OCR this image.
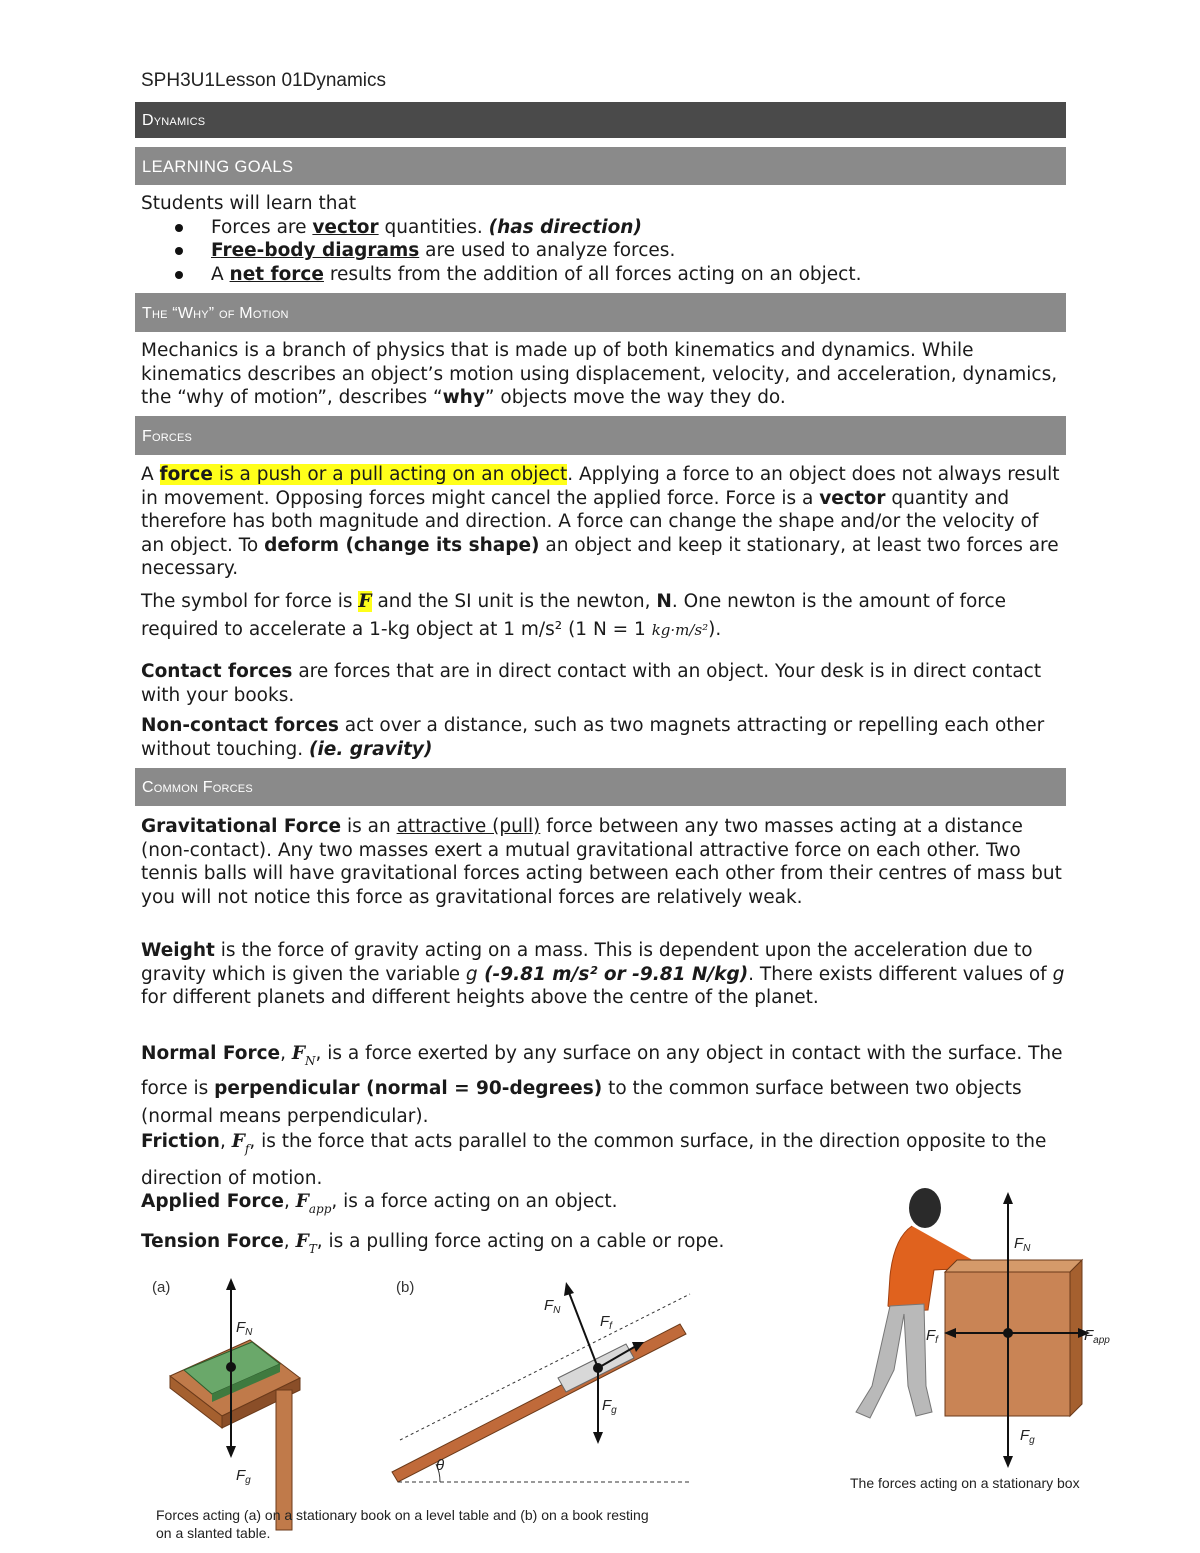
SPH3U1Lesson 01Dynamics
Dynamics
LEARNING GOALS
Students will learn that
Forces are vector quantities. (has direction)
Free-body diagrams are used to analyze forces.
A net force results from the addition of all forces acting on an object.
The “Why” of Motion
Mechanics is a branch of physics that is made up of both kinematics and dynamics. While kinematics describes an object’s motion using displacement, velocity, and acceleration, dynamics, the “why of motion”, describes “why” objects move the way they do.
Forces
A force is a push or a pull acting on an object. Applying a force to an object does not always result in movement. Opposing forces might cancel the applied force. Force is a vector quantity and therefore has both magnitude and direction. A force can change the shape and/or the velocity of an object. To deform (change its shape) an object and keep it stationary, at least two forces are necessary.
The symbol for force is F and the SI unit is the newton, N. One newton is the amount of force required to accelerate a 1-kg object at 1 m/s² (1 N = 1 kg·m/s²).
Contact forces are forces that are in direct contact with an object. Your desk is in direct contact with your books.
Non-contact forces act over a distance, such as two magnets attracting or repelling each other without touching. (ie. gravity)
Common Forces
Gravitational Force is an attractive (pull) force between any two masses acting at a distance (non-contact). Any two masses exert a mutual gravitational attractive force on each other. Two tennis balls will have gravitational forces acting between each other from their centres of mass but you will not notice this force as gravitational forces are relatively weak.
Weight is the force of gravity acting on a mass. This is dependent upon the acceleration due to gravity which is given the variable g (-9.81 m/s² or -9.81 N/kg). There exists different values of g for different planets and different heights above the centre of the planet.
Normal Force, $F_N$, is a force exerted by any surface on any object in contact with the surface. The force is perpendicular (normal = 90-degrees) to the common surface between two objects (normal means perpendicular).
Friction, $F_f$, is the force that acts parallel to the common surface, in the direction opposite to the direction of motion.
Applied Force, $F_{app}$, is a force acting on an object.
Tension Force, $F_T$, is a pulling force acting on a cable or rope.
(a)
$F_N$
$F_g$
(b)
θ
$F_N$
$F_f$
$F_g$
Forces acting (a) on a stationary book on a level table and (b) on a book resting
on a slanted table.
$F_N$
$F_f$	$F_{app}$
$F_g$
The forces acting on a stationary box
